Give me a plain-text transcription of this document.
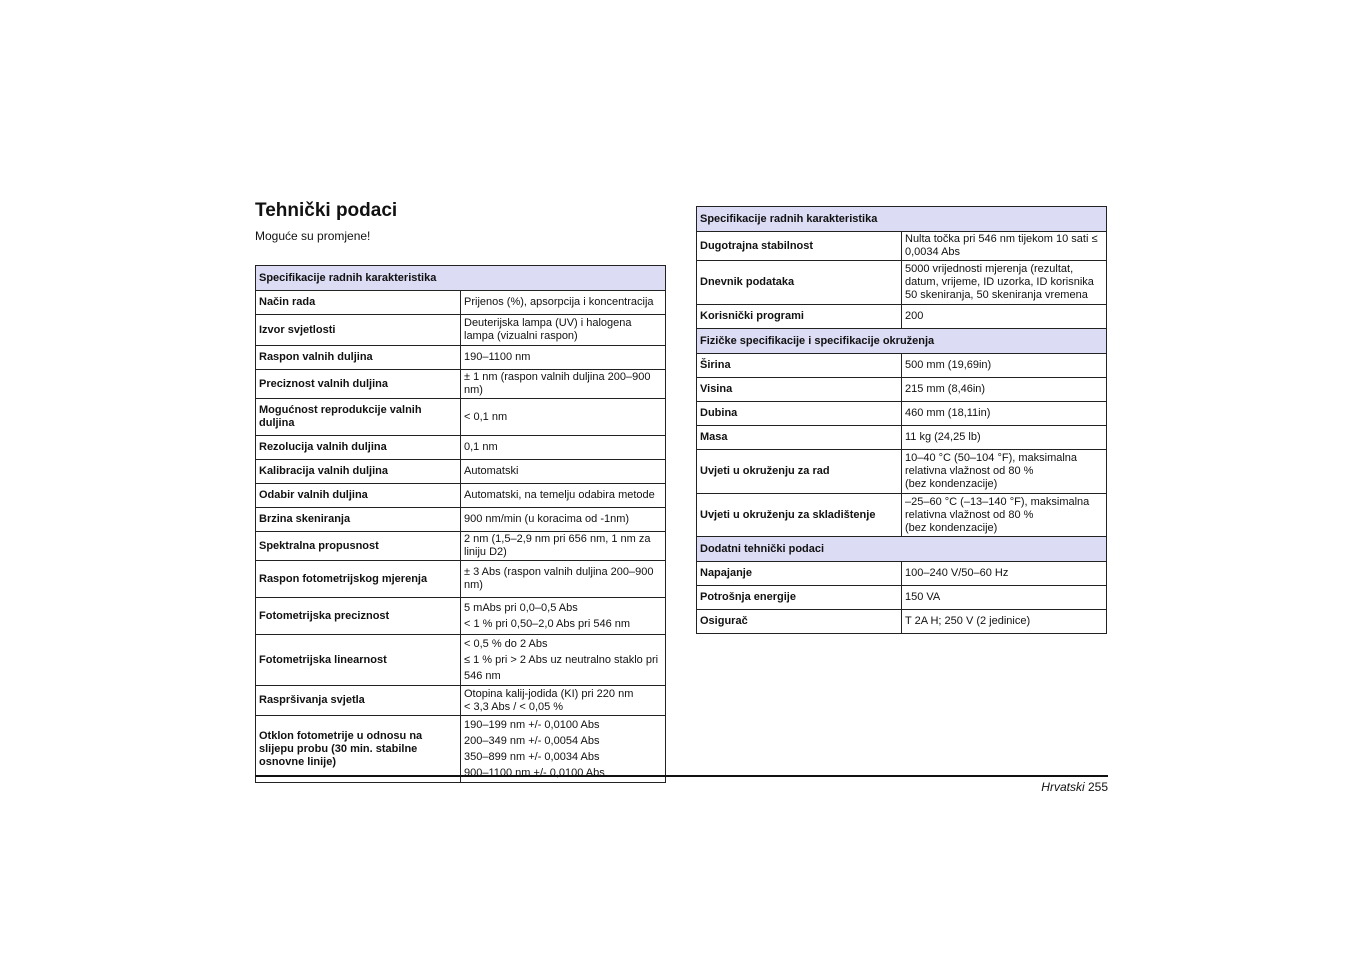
Tehnički podaci
Moguće su promjene!
Specifikacije radnih karakteristika	
Način rada	Prijenos (%), apsorpcija i koncentracija

Izvor svjetlosti	Deuterijska lampa (UV) i halogena lampa (vizualni raspon)

Raspon valnih duljina	190–1100 nm

Preciznost valnih duljina	± 1 nm (raspon valnih duljina 200–900 nm)

Mogućnost reprodukcije valnih duljina	< 0,1 nm

Rezolucija valnih duljina	0,1 nm

Kalibracija valnih duljina	Automatski

Odabir valnih duljina	Automatski, na temelju odabira metode

Brzina skeniranja	900 nm/min (u koracima od -1nm)

Spektralna propusnost	2 nm (1,5–2,9 nm pri 656 nm, 1 nm za liniju D2)

Raspon fotometrijskog mjerenja	± 3 Abs (raspon valnih duljina 200–900 nm)

Fotometrijska preciznost	5 mAbs pri 0,0–0,5 Abs
< 1 % pri 0,50–2,0 Abs pri 546 nm

Fotometrijska linearnost	< 0,5 % do 2 Abs
≤ 1 % pri > 2 Abs uz neutralno staklo pri 546 nm

Raspršivanja svjetla	Otopina kalij-jodida (KI) pri 220 nm
< 3,3 Abs / < 0,05 %

Otklon fotometrije u odnosu na slijepu probu (30 min. stabilne osnovne linije)	190–199 nm +/- 0,0100 Abs
200–349 nm +/- 0,0054 Abs
350–899 nm +/- 0,0034 Abs
900–1100 nm +/- 0,0100 Abs
Specifikacije radnih karakteristika	
Dugotrajna stabilnost	Nulta točka pri 546 nm tijekom 10 sati ≤ 0,0034 Abs

Dnevnik podataka	5000 vrijednosti mjerenja (rezultat, datum, vrijeme, ID uzorka, ID korisnika
50 skeniranja, 50 skeniranja vremena

Korisnički programi	200

Fizičke specifikacije i specifikacije okruženja	
Širina	500 mm (19,69in)

Visina	215 mm (8,46in)

Dubina	460 mm (18,11in)

Masa	11 kg (24,25 lb)

Uvjeti u okruženju za rad	10–40 °C (50–104 °F), maksimalna relativna vlažnost od 80 %
(bez kondenzacije)

Uvjeti u okruženju za skladištenje	–25–60 °C (–13–140 °F), maksimalna relativna vlažnost od 80 %
(bez kondenzacije)

Dodatni tehnički podaci	
Napajanje	100–240 V/50–60 Hz

Potrošnja energije	150 VA

Osigurač	T 2A H; 250 V (2 jedinice)
Hrvatski 255
